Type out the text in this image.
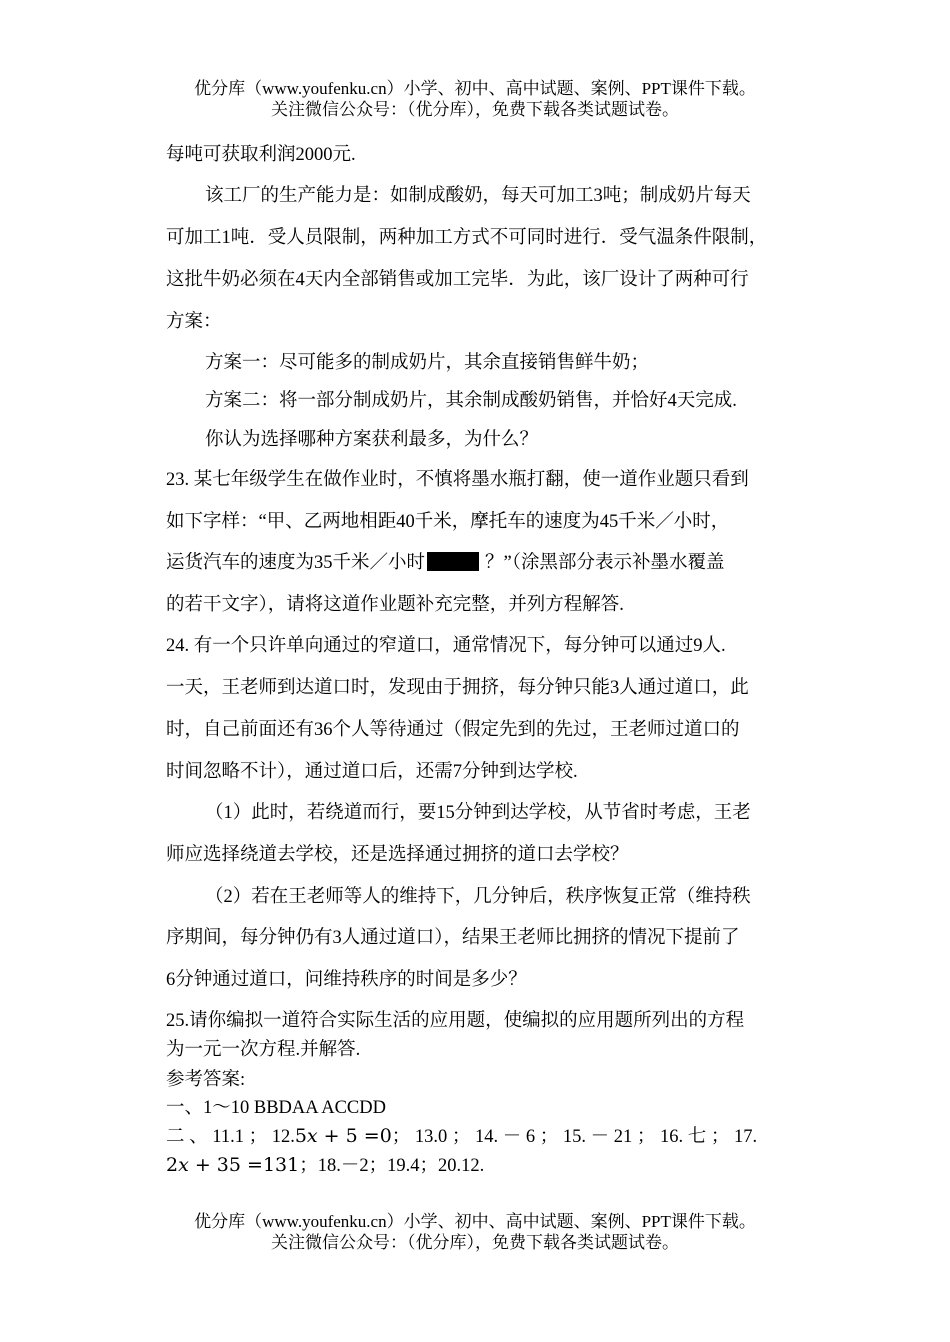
优分库（www.youfenku.cn）小学、初中、高中试题、案例、PPT课件下载。
关注微信公众号：（优分库），免费下载各类试题试卷。
每吨可获取利润2000元.
该工厂的生产能力是：如制成酸奶，每天可加工3吨；制成奶片每天
可加工1吨．受人员限制，两种加工方式不可同时进行．受气温条件限制，
这批牛奶必须在4天内全部销售或加工完毕．为此，该厂设计了两种可行
方案：
方案一：尽可能多的制成奶片，其余直接销售鲜牛奶；
方案二：将一部分制成奶片，其余制成酸奶销售，并恰好4天完成.
你认为选择哪种方案获利最多，为什么？
23. 某七年级学生在做作业时，不慎将墨水瓶打翻，使一道作业题只看到
如下字样：“甲、乙两地相距40千米，摩托车的速度为45千米／小时，
运货汽车的速度为35千米／小时	？”（涂黑部分表示补墨水覆盖
的若干文字），请将这道作业题补充完整，并列方程解答.
24. 有一个只许单向通过的窄道口，通常情况下，每分钟可以通过9人.
一天，王老师到达道口时，发现由于拥挤，每分钟只能3人通过道口，此
时，自己前面还有36个人等待通过（假定先到的先过，王老师过道口的
时间忽略不计），通过道口后，还需7分钟到达学校.
（1）此时，若绕道而行，要15分钟到达学校，从节省时考虑，王老
师应选择绕道去学校，还是选择通过拥挤的道口去学校？
（2）若在王老师等人的维持下，几分钟后，秩序恢复正常（维持秩
序期间，每分钟仍有3人通过道口），结果王老师比拥挤的情况下提前了
6分钟通过道口，问维持秩序的时间是多少？
25.请你编拟一道符合实际生活的应用题，使编拟的应用题所列出的方程
为一元一次方程.并解答.
参考答案:
一、1～10 BBDAA ACCDD
二 、 11.1 ； 12.5x + 5 =0； 13.0 ； 14. － 6 ； 15. － 21 ； 16. 七 ； 17.
2x + 35 =131；18.－2；19.4；20.12.
优分库（www.youfenku.cn）小学、初中、高中试题、案例、PPT课件下载。
关注微信公众号：（优分库），免费下载各类试题试卷。
